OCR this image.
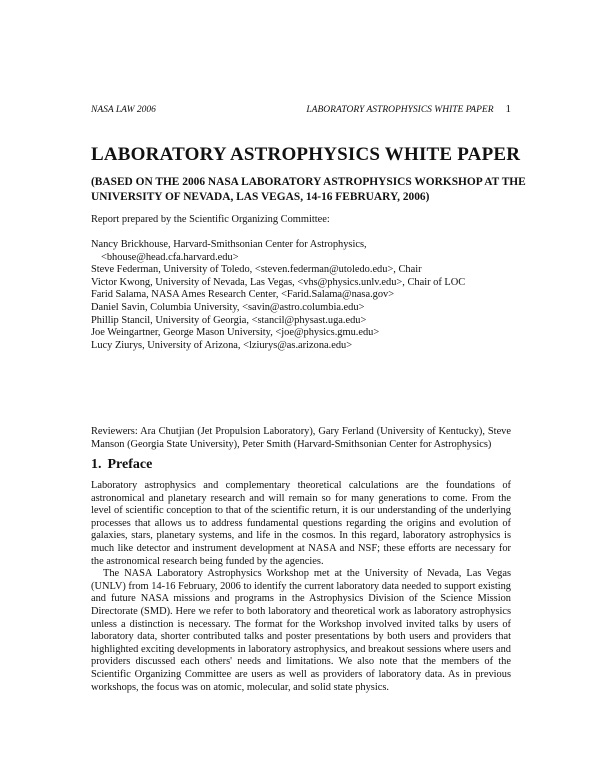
NASA LAW 2006	LABORATORY ASTROPHYSICS WHITE PAPER 1
LABORATORY ASTROPHYSICS WHITE PAPER
(BASED ON THE 2006 NASA LABORATORY ASTROPHYSICS WORKSHOP AT THE UNIVERSITY OF NEVADA, LAS VEGAS, 14-16 FEBRUARY, 2006)
Report prepared by the Scientific Organizing Committee:
Nancy Brickhouse, Harvard-Smithsonian Center for Astrophysics,
<bhouse@head.cfa.harvard.edu>
Steve Federman, University of Toledo, <steven.federman@utoledo.edu>, Chair
Victor Kwong, University of Nevada, Las Vegas, <vhs@physics.unlv.edu>, Chair of LOC
Farid Salama, NASA Ames Research Center, <Farid.Salama@nasa.gov>
Daniel Savin, Columbia University, <savin@astro.columbia.edu>
Phillip Stancil, University of Georgia, <stancil@physast.uga.edu>
Joe Weingartner, George Mason University, <joe@physics.gmu.edu>
Lucy Ziurys, University of Arizona, <lziurys@as.arizona.edu>
Reviewers: Ara Chutjian (Jet Propulsion Laboratory), Gary Ferland (University of Kentucky), Steve Manson (Georgia State University), Peter Smith (Harvard-Smithsonian Center for Astrophysics)
1. Preface

Laboratory astrophysics and complementary theoretical calculations are the foundations of astronomical and planetary research and will remain so for many generations to come. From the level of scientific conception to that of the scientific return, it is our understanding of the underlying processes that allows us to address fundamental questions regarding the origins and evolution of galaxies, stars, planetary systems, and life in the cosmos. In this regard, laboratory astrophysics is much like detector and instrument development at NASA and NSF; these efforts are necessary for the astronomical research being funded by the agencies.

The NASA Laboratory Astrophysics Workshop met at the University of Nevada, Las Vegas (UNLV) from 14-16 February, 2006 to identify the current laboratory data needed to support existing and future NASA missions and programs in the Astrophysics Division of the Science Mission Directorate (SMD). Here we refer to both laboratory and theoretical work as laboratory astrophysics unless a distinction is necessary. The format for the Workshop involved invited talks by users of laboratory data, shorter contributed talks and poster presentations by both users and providers that highlighted exciting developments in laboratory astrophysics, and breakout sessions where users and providers discussed each others' needs and limitations. We also note that the members of the Scientific Organizing Committee are users as well as providers of laboratory data. As in previous workshops, the focus was on atomic, molecular, and solid state physics.
